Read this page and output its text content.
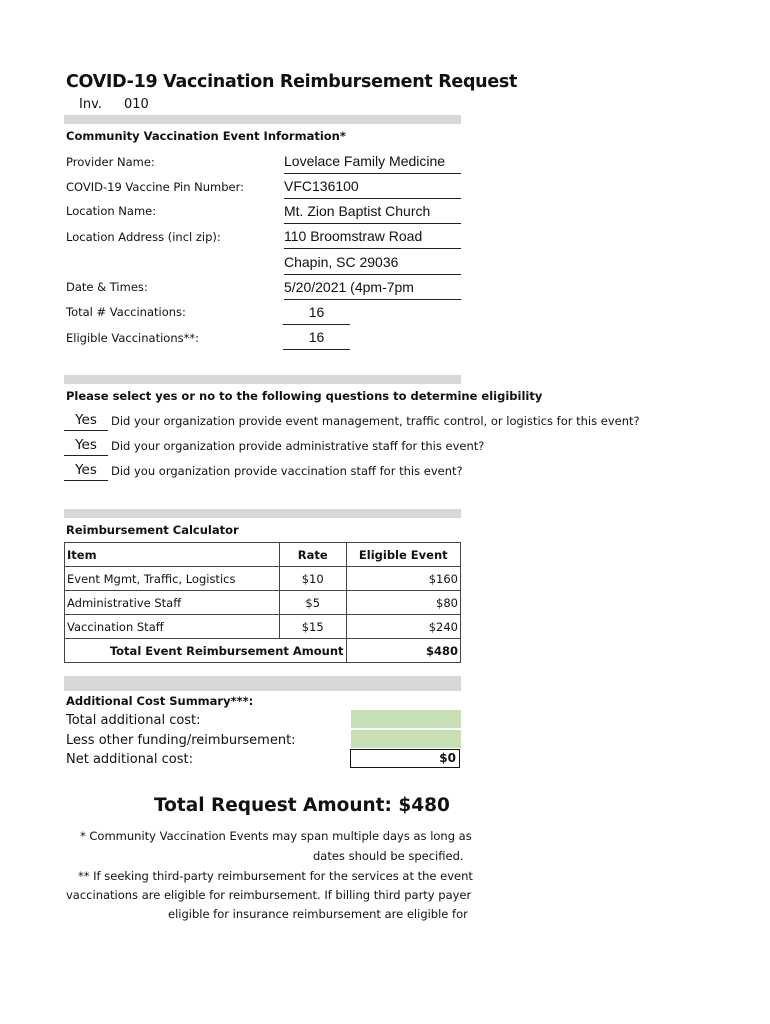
COVID-19 Vaccination Reimbursement Request
Inv. 010
Community Vaccination Event Information*
Provider Name:	Lovelace Family Medicine
COVID-19 Vaccine Pin Number:	VFC136100
Location Name:	Mt. Zion Baptist Church
Location Address (incl zip):	110 Broomstraw Road
Chapin, SC 29036
Date & Times:	5/20/2021 (4pm-7pm
Total # Vaccinations:	16
Eligible Vaccinations**:	16
Please select yes or no to the following questions to determine eligibility
Yes	Did your organization provide event management, traffic control, or logistics for this event?
Yes	Did your organization provide administrative staff for this event?
Yes	Did you organization provide vaccination staff for this event?
Reimbursement Calculator
Item	Rate	Eligible Event
Event Mgmt, Traffic, Logistics	$10	$160
Administrative Staff	$5	$80
Vaccination Staff	$15	$240
Total Event Reimbursement Amount		$480
Additional Cost Summary***:
Total additional cost:
Less other funding/reimbursement:
Net additional cost:	$0
Total Request Amount: $480
* Community Vaccination Events may span multiple days as long as
dates should be specified.
** If seeking third-party reimbursement for the services at the event
vaccinations are eligible for reimbursement. If billing third party payer
eligible for insurance reimbursement are eligible for
